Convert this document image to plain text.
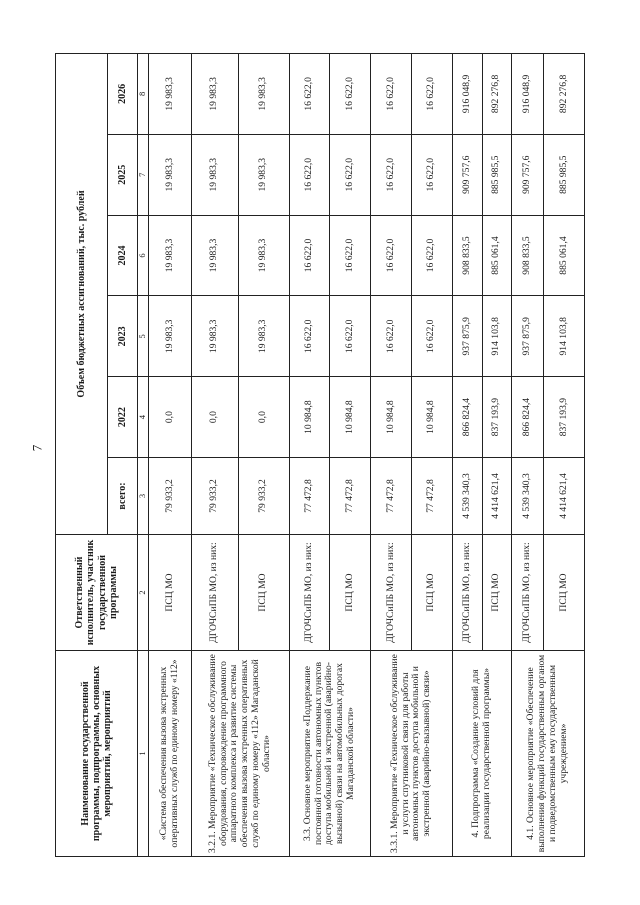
7
Наименование государственной программы, подпрограммы, основных мероприятий, мероприятий	Ответственный исполнитель, участник государственной программы	Объем бюджетных ассигнований, тыс. рублей					
		всего:	2022	2023	2024	2025	2026
1	2	3	4	5	6	7	8
«Система обеспечения вызова экстренных оперативных служб по единому номеру «112»	ПСЦ МО	79 933,2	0,0	19 983,3	19 983,3	19 983,3	19 983,3
3.2.1. Мероприятие «Техническое обслуживание оборудования, сопровождение программного аппаратного комплекса и развитие системы обеспечения вызова экстренных оперативных служб по единому номеру «112» Магаданской области»	ДГОЧСиПБ МО, из них:	79 933,2	0,0	19 983,3	19 983,3	19 983,3	19 983,3
	ПСЦ МО	79 933,2	0,0	19 983,3	19 983,3	19 983,3	19 983,3
3.3. Основное мероприятие «Поддержание постоянной готовности автономных пунктов доступа мобильной и экстренной (аварийно-вызывной) связи на автомобильных дорогах Магаданской области»	ДГОЧСиПБ МО, из них:	77 472,8	10 984,8	16 622,0	16 622,0	16 622,0	16 622,0
	ПСЦ МО	77 472,8	10 984,8	16 622,0	16 622,0	16 622,0	16 622,0
3.3.1. Мероприятие «Техническое обслуживание и услуги спутниковой связи для работы автономных пунктов доступа мобильной и экстренной (аварийно-вызывной) связи»	ДГОЧСиПБ МО, из них:	77 472,8	10 984,8	16 622,0	16 622,0	16 622,0	16 622,0
	ПСЦ МО	77 472,8	10 984,8	16 622,0	16 622,0	16 622,0	16 622,0
4. Подпрограмма «Создание условий для реализации государственной программы»	ДГОЧСиПБ МО, из них:	4 539 340,3	866 824,4	937 875,9	908 833,5	909 757,6	916 048,9
	ПСЦ МО	4 414 621,4	837 193,9	914 103,8	885 061,4	885 985,5	892 276,8
4.1. Основное мероприятие «Обеспечение выполнения функций государственным органом и подведомственным ему государственным учреждением»	ДГОЧСиПБ МО, из них:	4 539 340,3	866 824,4	937 875,9	908 833,5	909 757,6	916 048,9
	ПСЦ МО	4 414 621,4	837 193,9	914 103,8	885 061,4	885 985,5	892 276,8
